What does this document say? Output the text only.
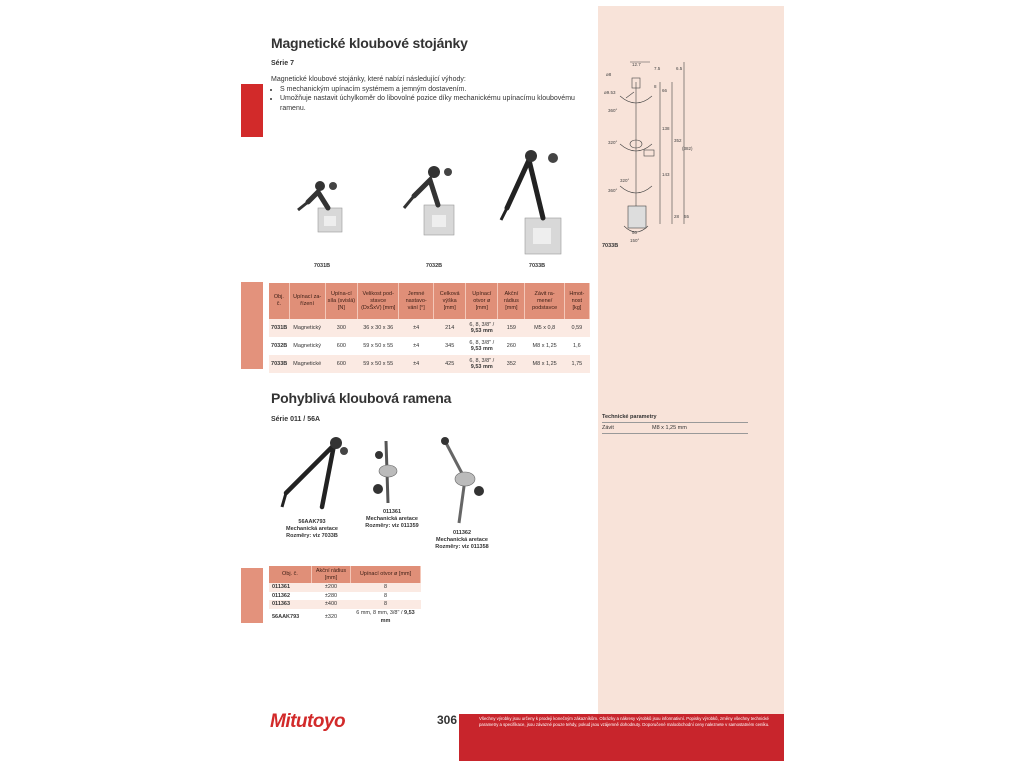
Magnetické kloubové stojánky
Série 7
Magnetické kloubové stojánky, které nabízí následující výhody:
• S mechanickým upínacím systémem a jemným dostavením.
• Umožňuje nastavit úchylkoměr do libovolné pozice díky mechanickému upínacímu kloubovému ramenu.
7031B	7032B	7033B
Obj. č.	Upínací za-řízení	Upína-cí síla (svislá) [N]	Velikost pod-stavce (DxŠxV) [mm]	Jemné nastavo-vání [°]	Celková výška [mm]	Upínací otvor ø [mm]	Akční rádius [mm]	Závit ra-mene/ podstavce	Hmot-nost [kg]
7031B	Magnetický	300	36 x 30 x 36	±4	214	6, 8, 3/8" /
9,53 mm	159	M5 x 0,8	0,59
7032B	Magnetický	600	59 x 50 x 55	±4	345	6, 8, 3/8" /
9,53 mm	260	M8 x 1,25	1,6
7033B	Magnetické	600	59 x 50 x 55	±4	425	6, 8, 3/8" /
9,53 mm	352	M8 x 1,25	1,75
Pohyblivá kloubová ramena
Série 011 / 56A
56AAK793
Mechanická aretace
Rozměry: viz 7033B
011361
Mechanická aretace
Rozměry: viz 011359
011362
Mechanická aretace
Rozměry: viz 011358
Obj. č.	Akční rádius [mm]	Upínací otvor ø [mm]
011361	±200	8
011362	±280	8
011363	±400	8
56AAK793	±320	6 mm, 8 mm, 3/8" / 9,53 mm
12.7
7.5	6.5
ø8
ø9.53
360°
66
8
138
352
(382)
320°
143
320°
360°
28 55
50
150°
7033B
Technické parametry
Závit	M8 x 1,25 mm
Mitutoyo	306	Všechny výrobky jsou určeny k prodeji konečným zákazníkům. Obrázky a nákresy výrobků jsou informativní. Popisky výrobků, změny všechny technické parametry a specifikace, jsou závazné pouze tehdy, pokud jsou vzájemně dohodnuty. Doporučené maloobchodní ceny naleznete v samostatném ceníku.
